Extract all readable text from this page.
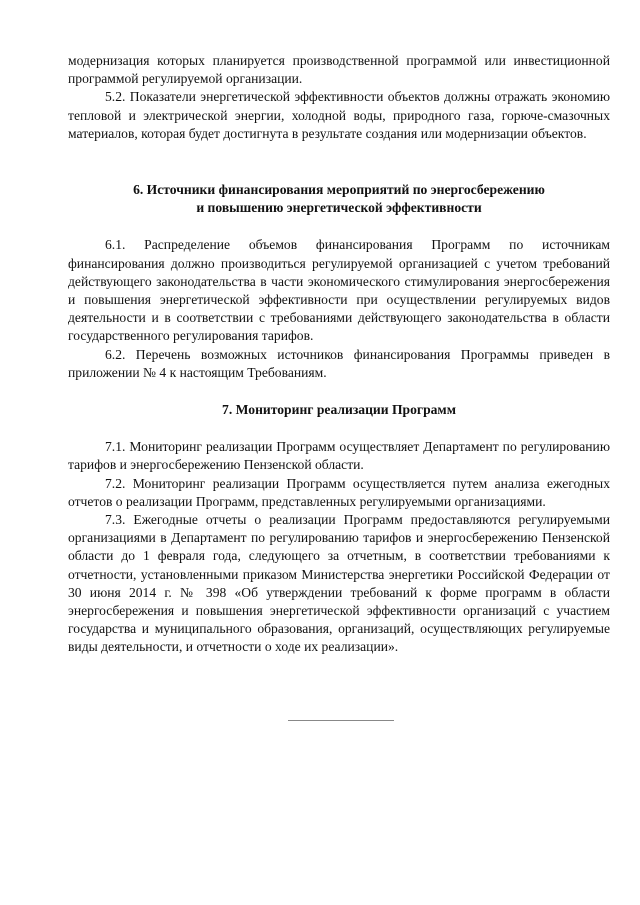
модернизация которых планируется производственной программой или инвестиционной программой регулируемой организации.

5.2. Показатели энергетической эффективности объектов должны отражать экономию тепловой и электрической энергии, холодной воды, природного газа, горюче-смазочных материалов, которая будет достигнута в результате создания или модернизации объектов.

6. Источники финансирования мероприятий по энергосбережению
и повышению энергетической эффективности

6.1. Распределение объемов финансирования Программ по источникам финансирования должно производиться регулируемой организацией с учетом требований действующего законодательства в части экономического стимулирования энергосбережения и повышения энергетической эффективности при осуществлении регулируемых видов деятельности и в соответствии с требованиями действующего законодательства в области государственного регулирования тарифов.

6.2. Перечень возможных источников финансирования Программы приведен в приложении № 4 к настоящим Требованиям.

7. Мониторинг реализации Программ

7.1. Мониторинг реализации Программ осуществляет Департамент по регулированию тарифов и энергосбережению Пензенской области.

7.2. Мониторинг реализации Программ осуществляется путем анализа ежегодных отчетов о реализации Программ, представленных регулируемыми организациями.

7.3. Ежегодные отчеты о реализации Программ предоставляются регулируемыми организациями в Департамент по регулированию тарифов и энергосбережению Пензенской области до 1 февраля года, следующего за отчетным, в соответствии требованиями к отчетности, установленными приказом Министерства энергетики Российской Федерации от 30 июня 2014 г. № 398 «Об утверждении требований к форме программ в области энергосбережения и повышения энергетической эффективности организаций с участием государства и муниципального образования, организаций, осуществляющих регулируемые виды деятельности, и отчетности о ходе их реализации».
